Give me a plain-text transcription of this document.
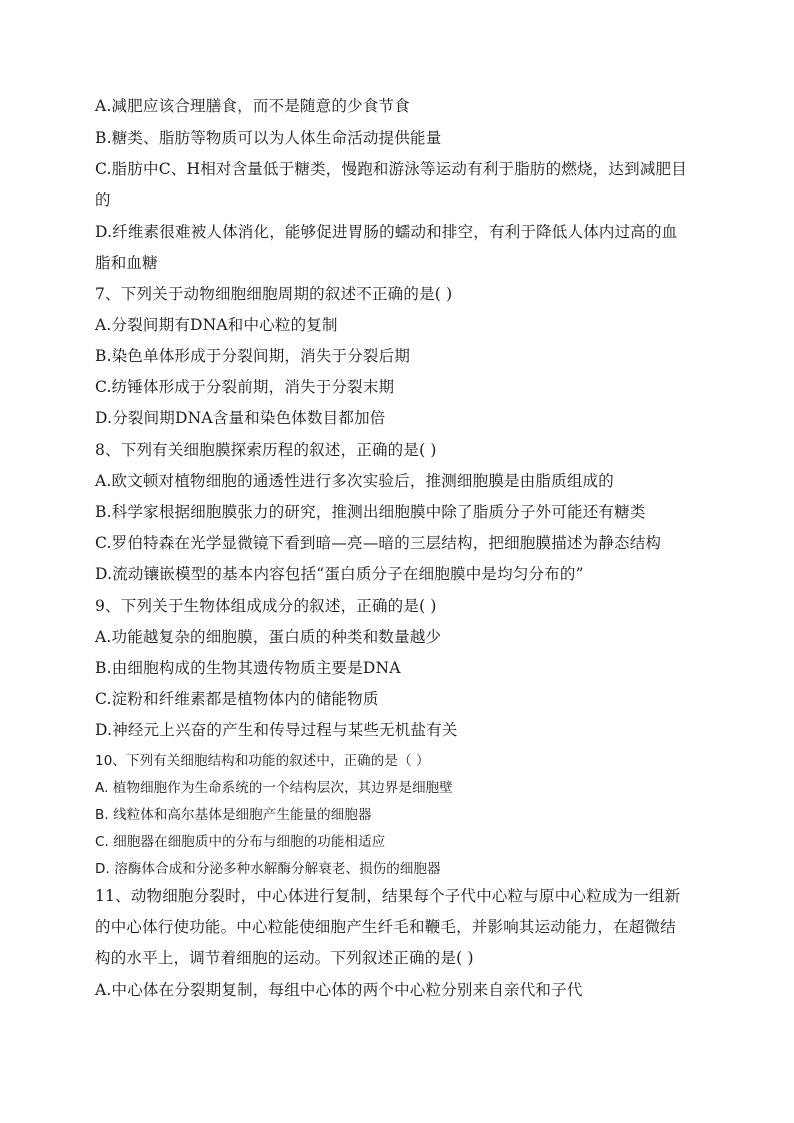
A.减肥应该合理膳食，而不是随意的少食节食
B.糖类、脂肪等物质可以为人体生命活动提供能量
C.脂肪中C、H相对含量低于糖类，慢跑和游泳等运动有利于脂肪的燃烧，达到减肥目
的
D.纤维素很难被人体消化，能够促进胃肠的蠕动和排空，有利于降低人体内过高的血
脂和血糖
7、下列关于动物细胞细胞周期的叙述不正确的是( )
A.分裂间期有DNA和中心粒的复制
B.染色单体形成于分裂间期，消失于分裂后期
C.纺锤体形成于分裂前期，消失于分裂末期
D.分裂间期DNA含量和染色体数目都加倍
8、下列有关细胞膜探索历程的叙述，正确的是( )
A.欧文顿对植物细胞的通透性进行多次实验后，推测细胞膜是由脂质组成的
B.科学家根据细胞膜张力的研究，推测出细胞膜中除了脂质分子外可能还有糖类
C.罗伯特森在光学显微镜下看到暗—亮—暗的三层结构，把细胞膜描述为静态结构
D.流动镶嵌模型的基本内容包括“蛋白质分子在细胞膜中是均匀分布的”
9、下列关于生物体组成成分的叙述，正确的是( )
A.功能越复杂的细胞膜，蛋白质的种类和数量越少
B.由细胞构成的生物其遗传物质主要是DNA
C.淀粉和纤维素都是植物体内的储能物质
D.神经元上兴奋的产生和传导过程与某些无机盐有关
10、下列有关细胞结构和功能的叙述中，正确的是（ ）
A. 植物细胞作为生命系统的一个结构层次，其边界是细胞壁
B. 线粒体和高尔基体是细胞产生能量的细胞器
C. 细胞器在细胞质中的分布与细胞的功能相适应
D. 溶酶体合成和分泌多种水解酶分解衰老、损伤的细胞器
11、动物细胞分裂时，中心体进行复制，结果每个子代中心粒与原中心粒成为一组新
的中心体行使功能。中心粒能使细胞产生纤毛和鞭毛，并影响其运动能力，在超微结
构的水平上，调节着细胞的运动。下列叙述正确的是( )
A.中心体在分裂期复制，每组中心体的两个中心粒分别来自亲代和子代
